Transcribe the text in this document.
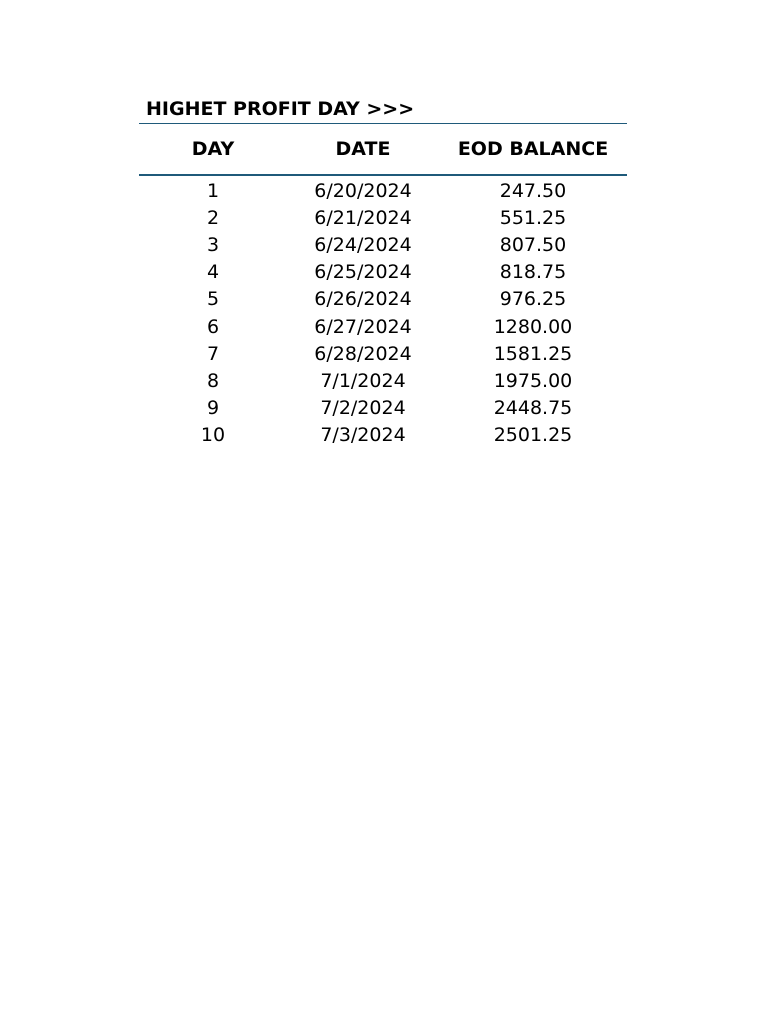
HIGHET PROFIT DAY >>>
DAY	DATE	EOD BALANCE
1	6/20/2024	247.50
2	6/21/2024	551.25
3	6/24/2024	807.50
4	6/25/2024	818.75
5	6/26/2024	976.25
6	6/27/2024	1280.00
7	6/28/2024	1581.25
8	7/1/2024	1975.00
9	7/2/2024	2448.75
10	7/3/2024	2501.25
